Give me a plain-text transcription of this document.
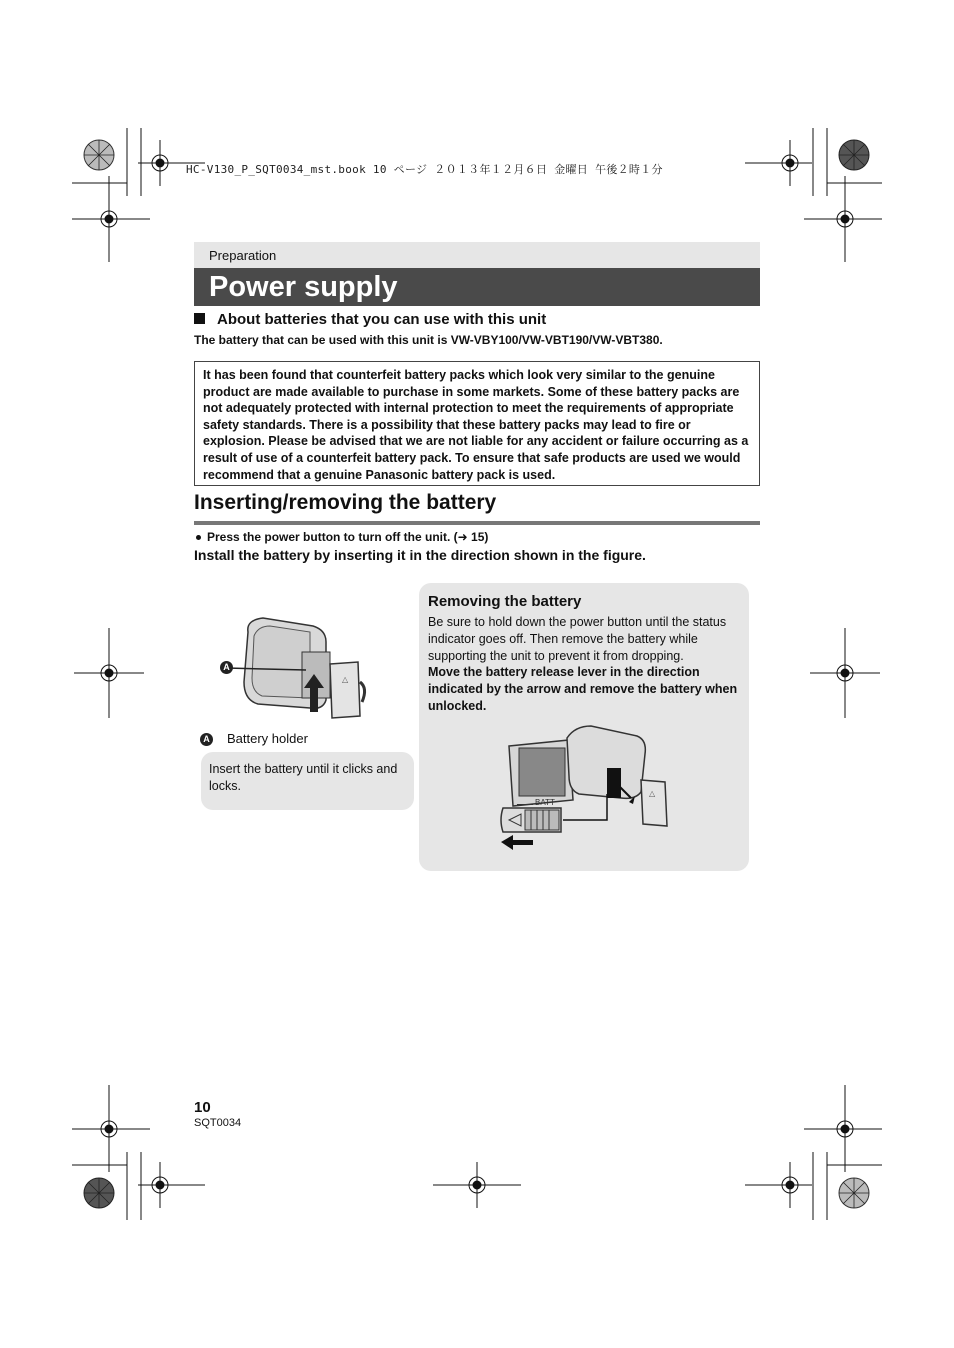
HC-V130_P_SQT0034_mst.book 10 ページ ２０１３年１２月６日 金曜日 午後２時１分
Preparation
Power supply
About batteries that you can use with this unit
The battery that can be used with this unit is VW-VBY100/VW-VBT190/VW-VBT380.
It has been found that counterfeit battery packs which look very similar to the genuine product are made available to purchase in some markets. Some of these battery packs are not adequately protected with internal protection to meet the requirements of appropriate safety standards. There is a possibility that these battery packs may lead to fire or explosion. Please be advised that we are not liable for any accident or failure occurring as a result of use of a counterfeit battery pack. To ensure that safe products are used we would recommend that a genuine Panasonic battery pack is used.
Inserting/removing the battery
Press the power button to turn off the unit. (➜ 15)
Install the battery by inserting it in the direction shown in the figure.
△
A
A Battery holder
Insert the battery until it clicks and locks.
Removing the battery
Be sure to hold down the power button until the status indicator goes off. Then remove the battery while supporting the unit to prevent it from dropping.
Move the battery release lever in the direction indicated by the arrow and remove the battery when unlocked.
△
BATT
10
SQT0034
